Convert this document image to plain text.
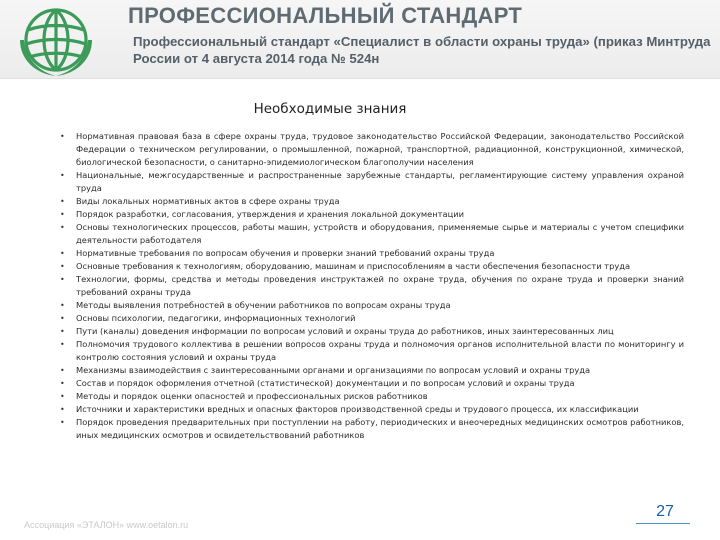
ПРОФЕССИОНАЛЬНЫЙ СТАНДАРТ
Профессиональный стандарт «Специалист в области охраны труда» (приказ Минтруда России от 4 августа 2014 года № 524н
Необходимые знания
• Нормативная правовая база в сфере охраны труда, трудовое законодательство Российской Федерации, законодательство Российской Федерации о техническом регулировании, о промышленной, пожарной, транспортной, радиационной, конструкционной, химической, биологической безопасности, о санитарно-эпидемиологическом благополучии населения
• Национальные, межгосударственные и распространенные зарубежные стандарты, регламентирующие систему управления охраной труда
• Виды локальных нормативных актов в сфере охраны труда
• Порядок разработки, согласования, утверждения и хранения локальной документации
• Основы технологических процессов, работы машин, устройств и оборудования, применяемые сырье и материалы с учетом специфики деятельности работодателя
• Нормативные требования по вопросам обучения и проверки знаний требований охраны труда
• Основные требования к технологиям, оборудованию, машинам и приспособлениям в части обеспечения безопасности труда
• Технологии, формы, средства и методы проведения инструктажей по охране труда, обучения по охране труда и проверки знаний требований охраны труда
• Методы выявления потребностей в обучении работников по вопросам охраны труда
• Основы психологии, педагогики, информационных технологий
• Пути (каналы) доведения информации по вопросам условий и охраны труда до работников, иных заинтересованных лиц
• Полномочия трудового коллектива в решении вопросов охраны труда и полномочия органов исполнительной власти по мониторингу и контролю состояния условий и охраны труда
• Механизмы взаимодействия с заинтересованными органами и организациями по вопросам условий и охраны труда
• Состав и порядок оформления отчетной (статистической) документации и по вопросам условий и охраны труда
• Методы и порядок оценки опасностей и профессиональных рисков работников
• Источники и характеристики вредных и опасных факторов производственной среды и трудового процесса, их классификации
• Порядок проведения предварительных при поступлении на работу, периодических и внеочередных медицинских осмотров работников, иных медицинских осмотров и освидетельствований работников
Ассоциация «ЭТАЛОН» www.oetalon.ru
27
